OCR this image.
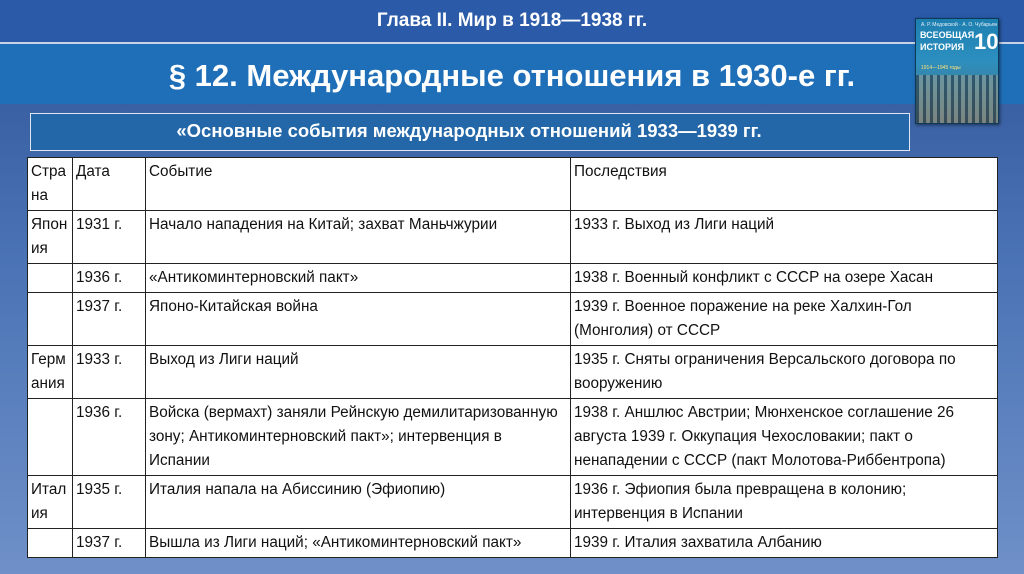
Глава II. Мир в 1918—1938 гг.
§ 12. Международные отношения в 1930-е гг.
А. Р. Медовской · А. О. Чубарьян
ВСЕОБЩАЯ
ИСТОРИЯ 10
1914—1945 годы
«Основные события международных отношений 1933—1939 гг.
Страна	Дата	Событие	Последствия
Япония	1931 г.	Начало нападения на Китай; захват Маньчжурии	1933 г. Выход из Лиги наций
	1936 г.	«Антикоминтерновский пакт»	1938 г. Военный конфликт с СССР на озере Хасан
	1937 г.	Японо-Китайская война	1939 г. Военное поражение на реке Халхин-Гол (Монголия) от СССР
Германия	1933 г.	Выход из Лиги наций	1935 г. Сняты ограничения Версальского договора по вооружению
	1936 г.	Войска (вермахт) заняли Рейнскую демилитаризованную зону; Антикоминтерновский пакт»; интервенция в Испании	1938 г. Аншлюс Австрии; Мюнхенское соглашение 26 августа 1939 г. Оккупация Чехословакии; пакт о ненападении с СССР (пакт Молотова-Риббентропа)
Италия	1935 г.	Италия напала на Абиссинию (Эфиопию)	1936 г. Эфиопия была превращена в колонию; интервенция в Испании
	1937 г.	Вышла из Лиги наций; «Антикоминтерновский пакт»	1939 г. Италия захватила Албанию
